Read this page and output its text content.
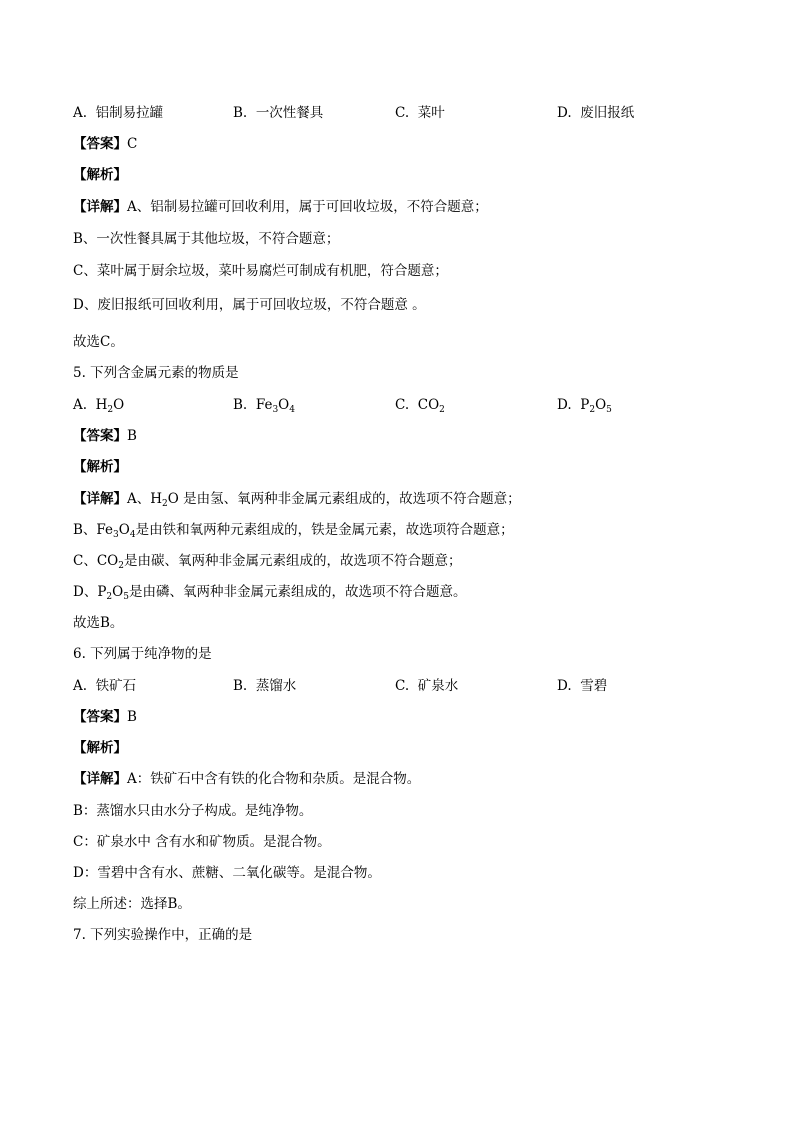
A. 铝制易拉罐	B. 一次性餐具	C. 菜叶	D. 废旧报纸
【答案】C
【解析】
【详解】A、铝制易拉罐可回收利用，属于可回收垃圾，不符合题意；
B、一次性餐具属于其他垃圾，不符合题意；
C、菜叶属于厨余垃圾，菜叶易腐烂可制成有机肥，符合题意；
D、废旧报纸可回收利用，属于可回收垃圾，不符合题意 。
故选C。
5. 下列含金属元素的物质是
A. $H_2O$	B. $Fe_3O_4$	C. $CO_2$	D. $P_2O_5$
【答案】B
【解析】
【详解】A、$H_2O$ 是由氢、氧两种非金属元素组成的，故选项不符合题意；
B、$Fe_3O_4$是由铁和氧两种元素组成的，铁是金属元素，故选项符合题意；
C、$CO_2$是由碳、氧两种非金属元素组成的，故选项不符合题意；
D、$P_2O_5$是由磷、氧两种非金属元素组成的，故选项不符合题意。
故选B。
6. 下列属于纯净物的是
A. 铁矿石	B. 蒸馏水	C. 矿泉水	D. 雪碧
【答案】B
【解析】
【详解】A：铁矿石中含有铁的化合物和杂质。是混合物。
B：蒸馏水只由水分子构成。是纯净物。
C：矿泉水中 含有水和矿物质。是混合物。
D：雪碧中含有水、蔗糖、二氧化碳等。是混合物。
综上所述：选择B。
7. 下列实验操作中，正确的是
